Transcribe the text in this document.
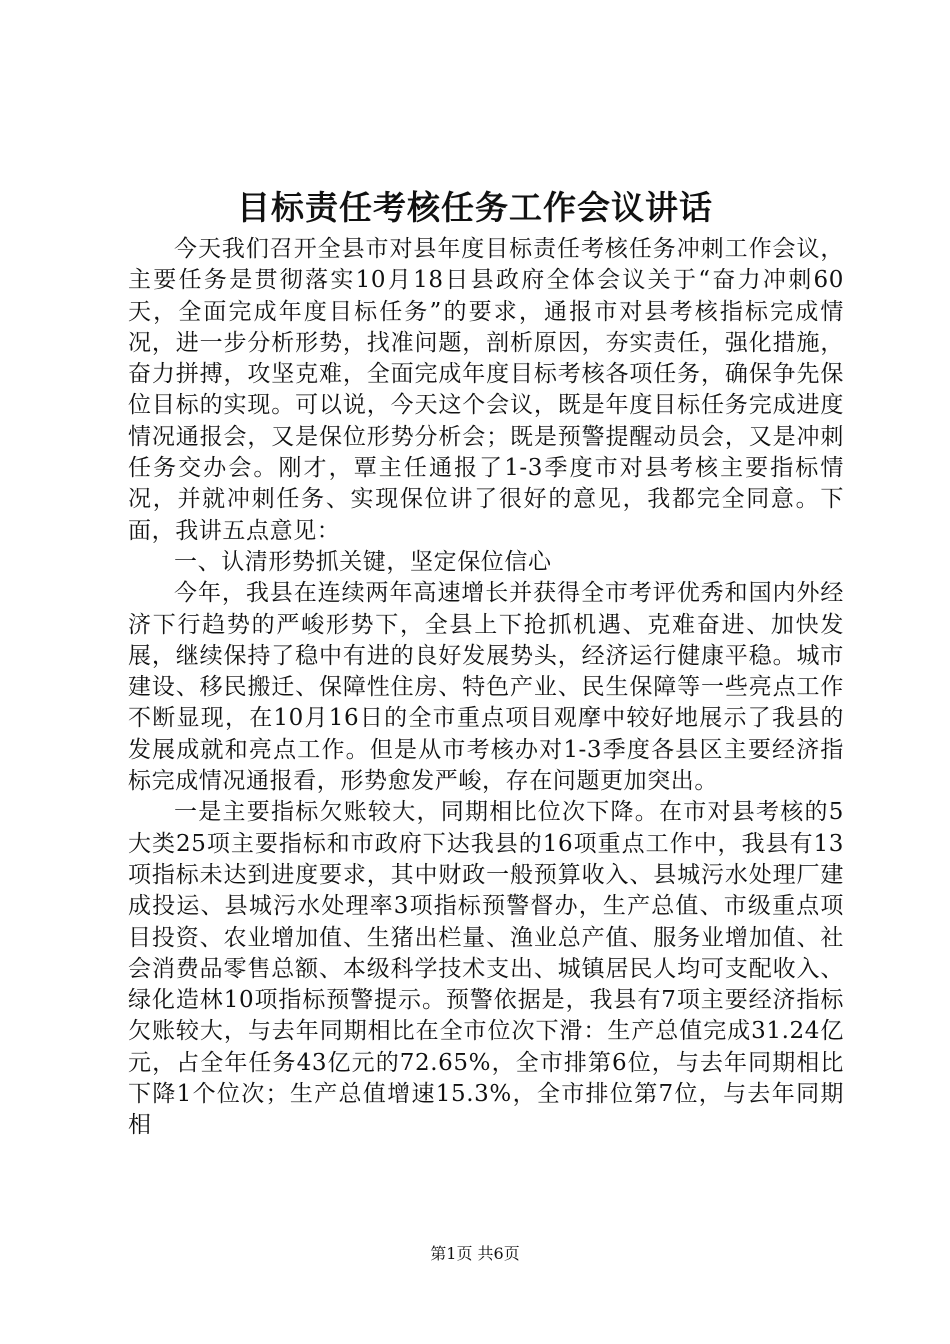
目标责任考核任务工作会议讲话

今天我们召开全县市对县年度目标责任考核任务冲刺工作会议，主要任务是贯彻落实10月18日县政府全体会议关于“奋力冲刺60天，全面完成年度目标任务”的要求，通报市对县考核指标完成情况，进一步分析形势，找准问题，剖析原因，夯实责任，强化措施，奋力拼搏，攻坚克难，全面完成年度目标考核各项任务，确保争先保位目标的实现。可以说，今天这个会议，既是年度目标任务完成进度情况通报会，又是保位形势分析会；既是预警提醒动员会，又是冲刺任务交办会。刚才，覃主任通报了1-3季度市对县考核主要指标情况，并就冲刺任务、实现保位讲了很好的意见，我都完全同意。下面，我讲五点意见：

一、认清形势抓关键，坚定保位信心

今年，我县在连续两年高速增长并获得全市考评优秀和国内外经济下行趋势的严峻形势下，全县上下抢抓机遇、克难奋进、加快发展，继续保持了稳中有进的良好发展势头，经济运行健康平稳。城市建设、移民搬迁、保障性住房、特色产业、民生保障等一些亮点工作不断显现，在10月16日的全市重点项目观摩中较好地展示了我县的发展成就和亮点工作。但是从市考核办对1-3季度各县区主要经济指标完成情况通报看，形势愈发严峻，存在问题更加突出。

一是主要指标欠账较大，同期相比位次下降。在市对县考核的5大类25项主要指标和市政府下达我县的16项重点工作中，我县有13项指标未达到进度要求，其中财政一般预算收入、县城污水处理厂建成投运、县城污水处理率3项指标预警督办，生产总值、市级重点项目投资、农业增加值、生猪出栏量、渔业总产值、服务业增加值、社会消费品零售总额、本级科学技术支出、城镇居民人均可支配收入、绿化造林10项指标预警提示。预警依据是，我县有7项主要经济指标欠账较大，与去年同期相比在全市位次下滑：生产总值完成31.24亿元，占全年任务43亿元的72.65%，全市排第6位，与去年同期相比下降1个位次；生产总值增速15.3%，全市排位第7位，与去年同期相

第1页 共6页
